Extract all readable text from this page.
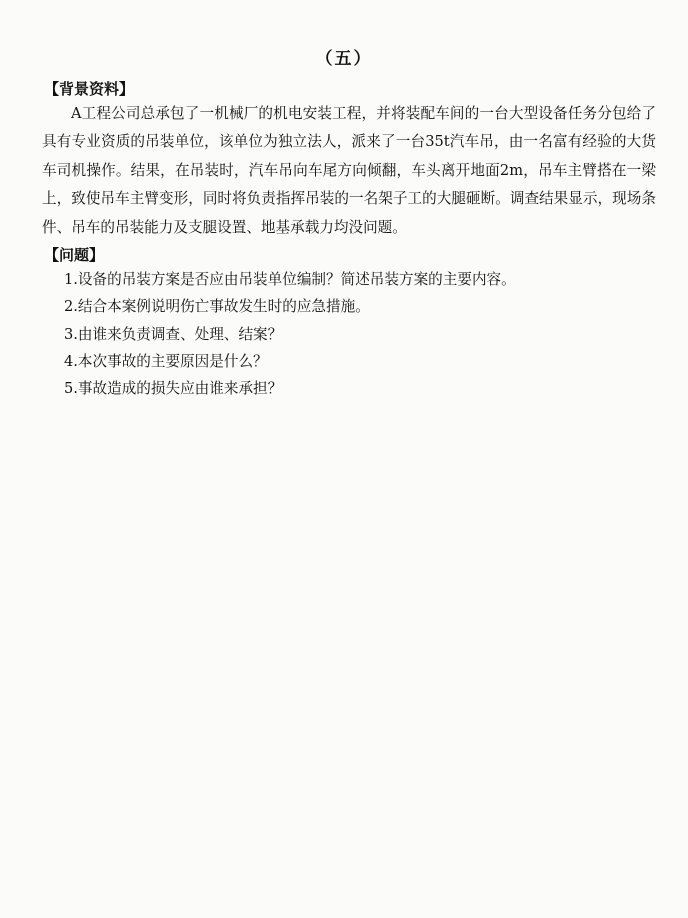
（五）
【背景资料】

A工程公司总承包了一机械厂的机电安装工程，并将装配车间的一台大型设备任务分包给了具有专业资质的吊装单位，该单位为独立法人，派来了一台35t汽车吊，由一名富有经验的大货车司机操作。结果，在吊装时，汽车吊向车尾方向倾翻，车头离开地面2m，吊车主臂搭在一梁上，致使吊车主臂变形，同时将负责指挥吊装的一名架子工的大腿砸断。调查结果显示，现场条件、吊车的吊装能力及支腿设置、地基承载力均没问题。

【问题】
1.设备的吊装方案是否应由吊装单位编制？简述吊装方案的主要内容。
2.结合本案例说明伤亡事故发生时的应急措施。
3.由谁来负责调查、处理、结案？
4.本次事故的主要原因是什么？
5.事故造成的损失应由谁来承担？
